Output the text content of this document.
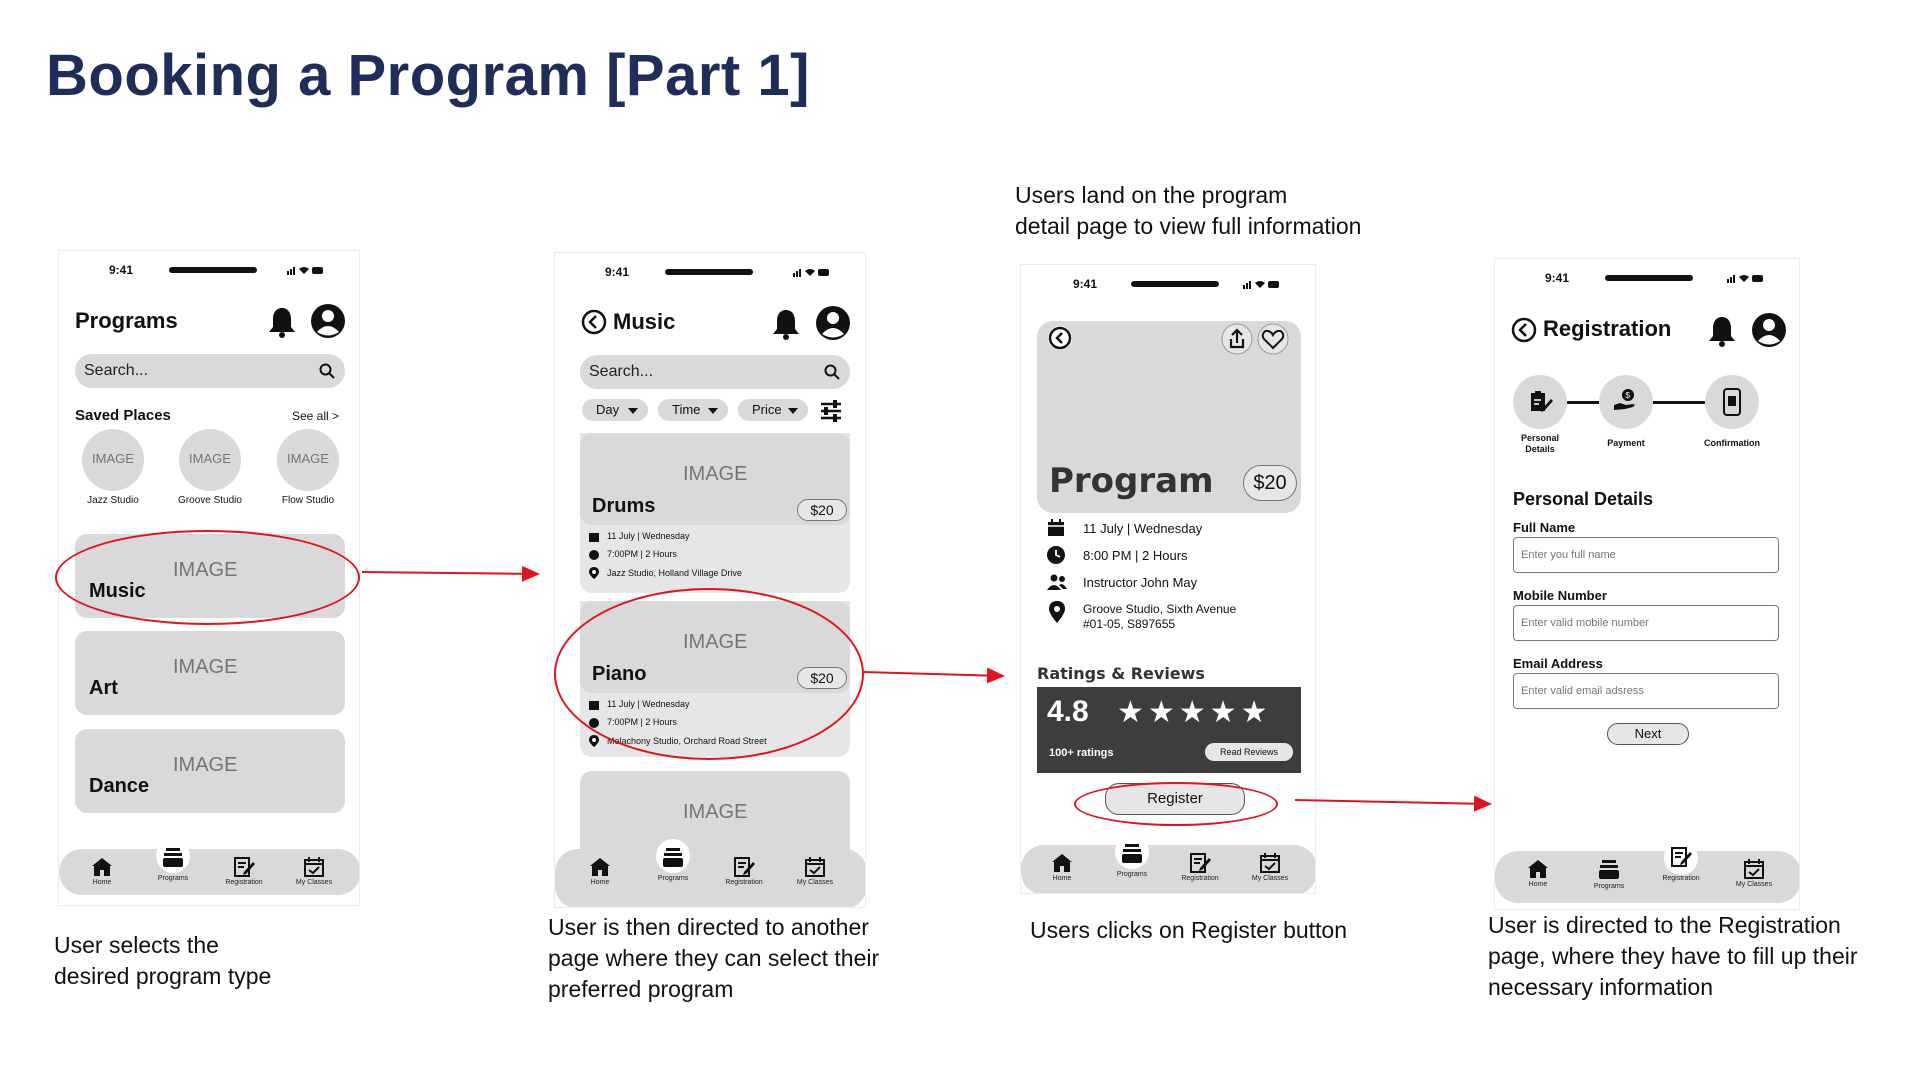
Booking a Program [Part 1]
User selects the
desired program type
User is then directed to another
page where they can select their
preferred program
Users land on the program
detail page to view full information
Users clicks on Register button	User is directed to the Registration
page, where they have to fill up their
necessary information
9:41
Programs
Search...
Saved Places	See all >
IMAGE	IMAGE	IMAGE
Jazz Studio	Groove Studio	Flow Studio
IMAGE
Music
IMAGE
Art
IMAGE
Dance
Home
Programs
Registration	My Classes
9:41
Music
Search...
Day	Time	Price
IMAGE
Drums	$20
11 July | Wednesday
7:00PM | 2 Hours
Jazz Studio, Holland Village Drive
IMAGE
Piano	$20
11 July | Wednesday
7:00PM | 2 Hours
Melachony Studio, Orchard Road Street
IMAGE
Home
Programs
Registration	My Classes
9:41
Program	$20
11 July | Wednesday
8:00 PM | 2 Hours
Instructor John May
Groove Studio, Sixth Avenue
#01-05, S897655
Ratings & Reviews
4.8 ★★★★★
100+ ratings	Read Reviews
Register
Home
Programs
Registration	My Classes
9:41
Registration
$
Personal Details
Payment	Confirmation
Personal Details
Full Name
Enter you full name
Mobile Number
Enter valid mobile number
Email Address
Enter valid email adsress
Next
Home	Programs
Registration
My Classes
